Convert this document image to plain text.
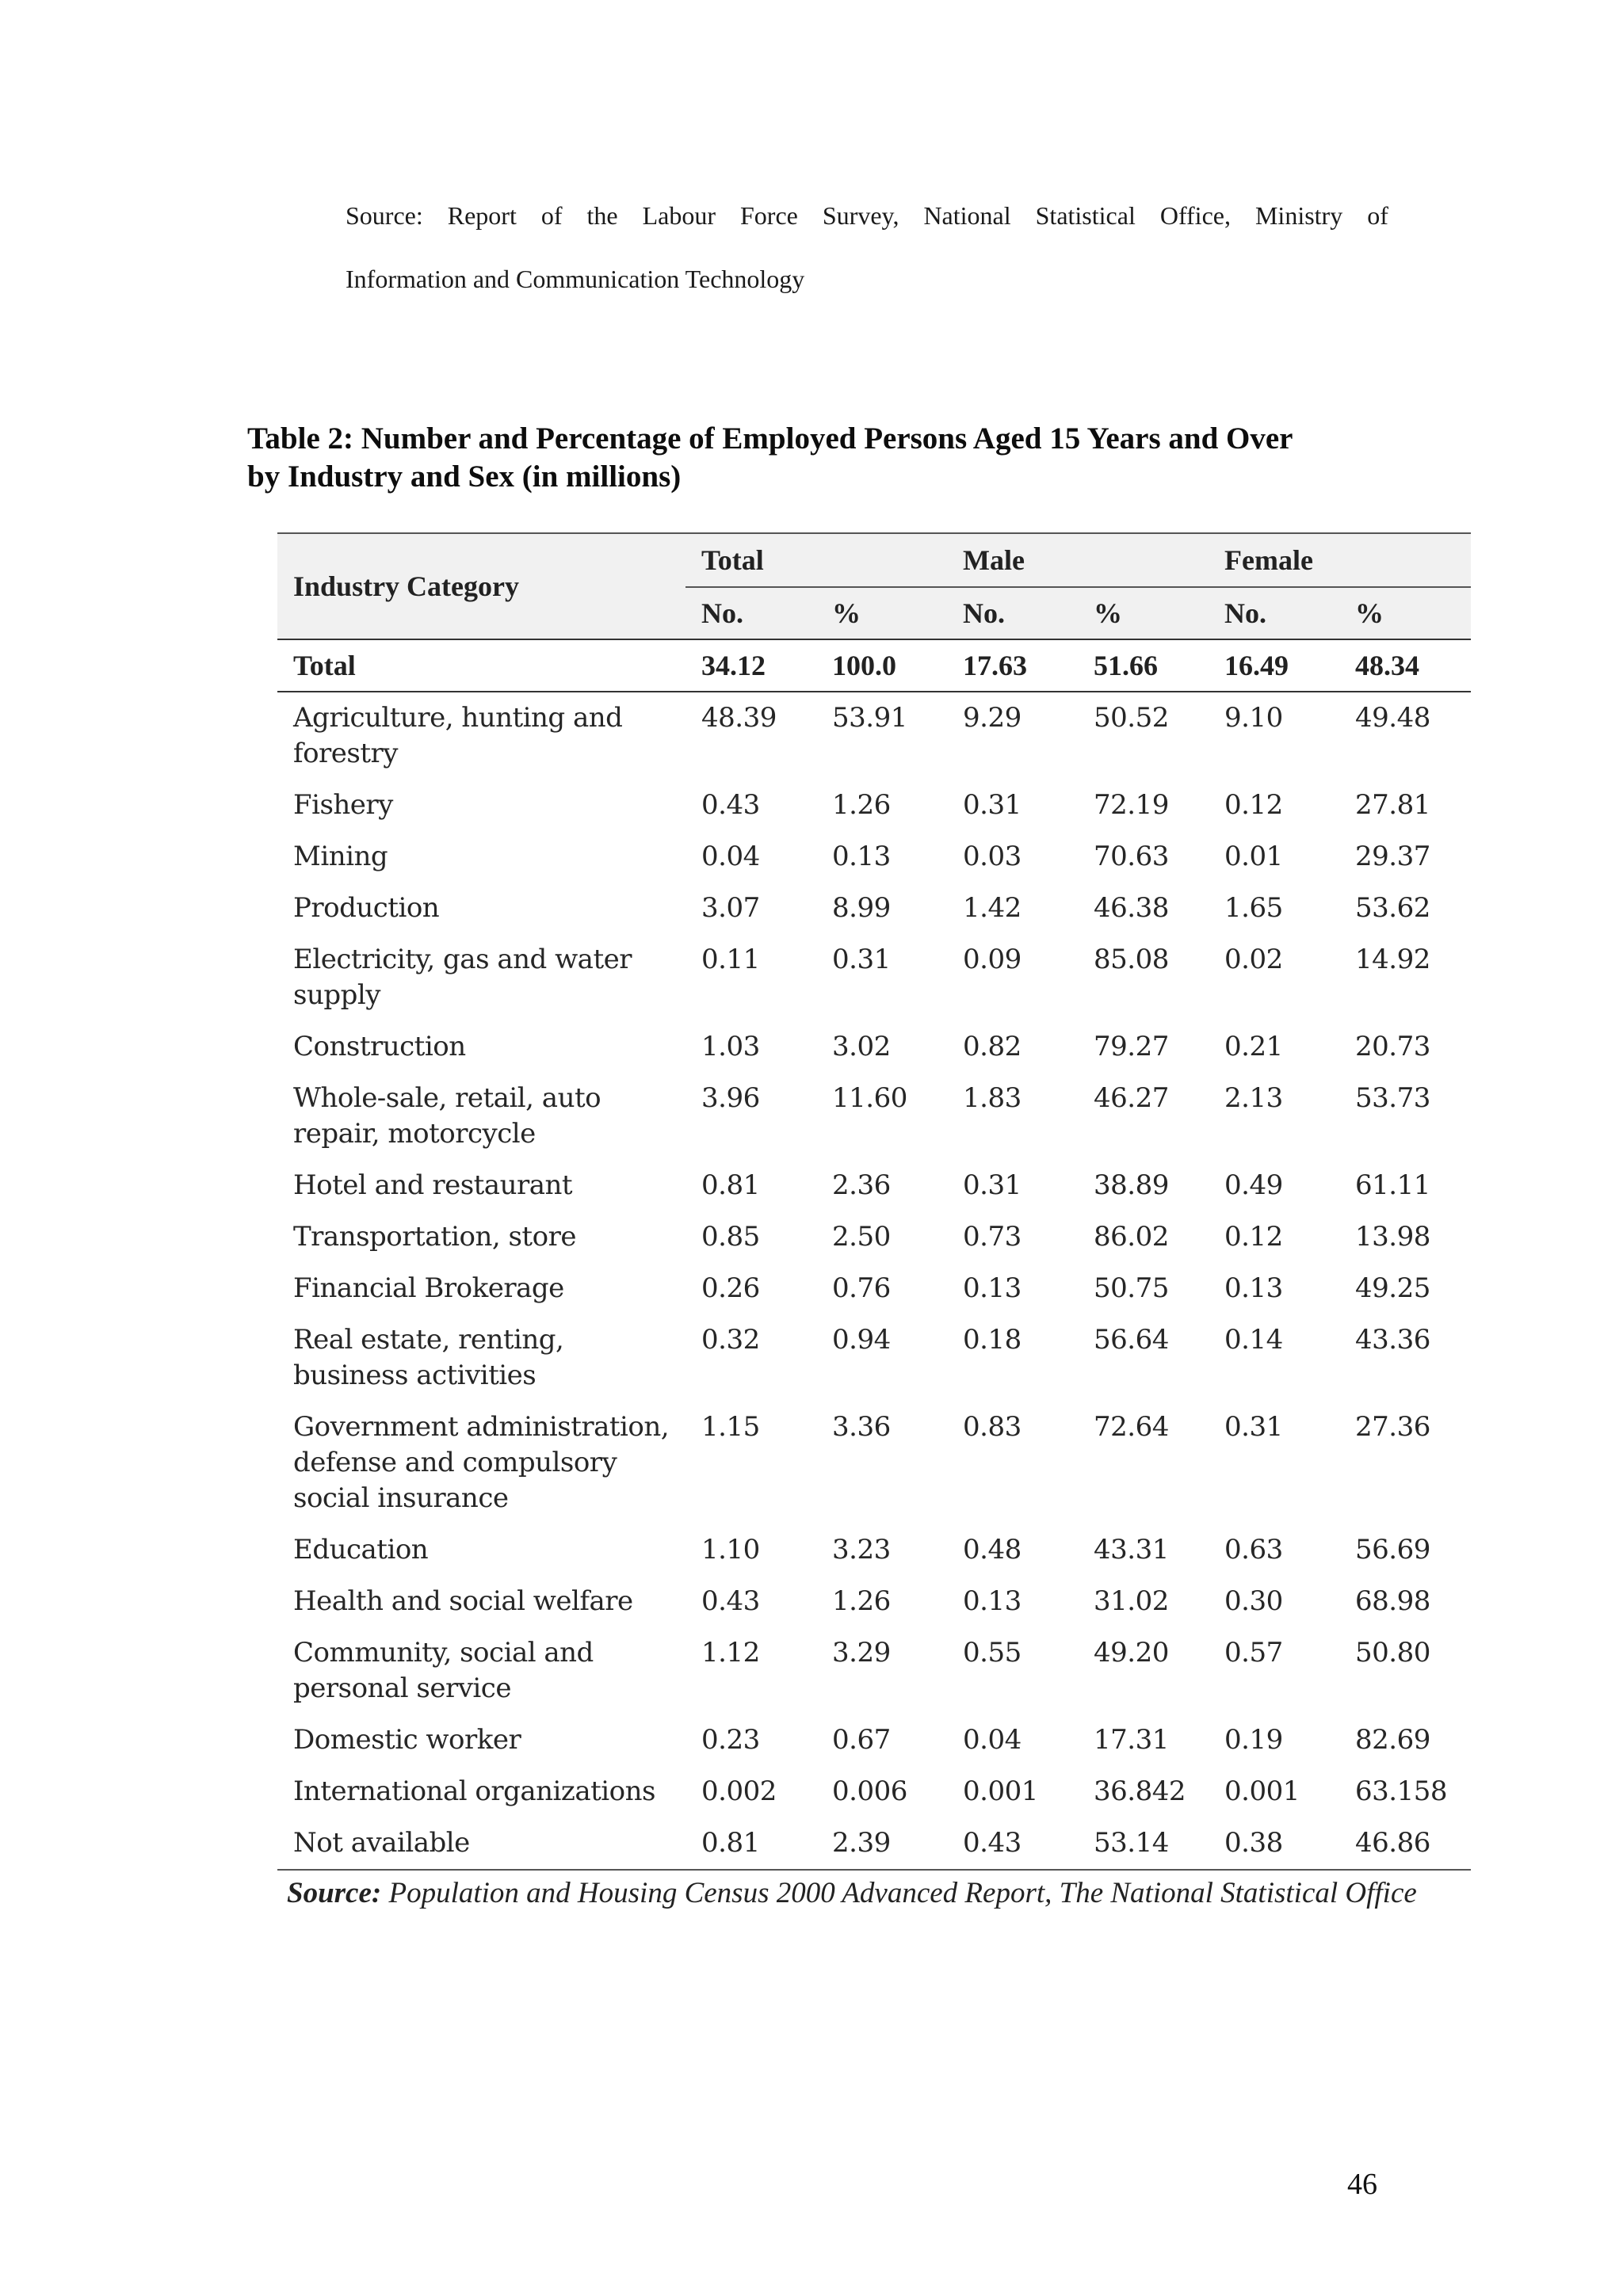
Source: Report of the Labour Force Survey, National Statistical Office, Ministry of
Information and Communication Technology
Table 2: Number and Percentage of Employed Persons Aged 15 Years and Over
by Industry and Sex (in millions)
Industry Category	Total		Male		Female	
	No.	%	No.	%	No.	%
Total	34.12	100.0	17.63	51.66	16.49	48.34
Agriculture, hunting and forestry	48.39	53.91	9.29	50.52	9.10	49.48
Fishery	0.43	1.26	0.31	72.19	0.12	27.81
Mining	0.04	0.13	0.03	70.63	0.01	29.37
Production	3.07	8.99	1.42	46.38	1.65	53.62
Electricity, gas and water supply	0.11	0.31	0.09	85.08	0.02	14.92
Construction	1.03	3.02	0.82	79.27	0.21	20.73
Whole-sale, retail, auto repair, motorcycle	3.96	11.60	1.83	46.27	2.13	53.73
Hotel and restaurant	0.81	2.36	0.31	38.89	0.49	61.11
Transportation, store	0.85	2.50	0.73	86.02	0.12	13.98
Financial Brokerage	0.26	0.76	0.13	50.75	0.13	49.25
Real estate, renting, business activities	0.32	0.94	0.18	56.64	0.14	43.36
Government administration, defense and compulsory social insurance	1.15	3.36	0.83	72.64	0.31	27.36
Education	1.10	3.23	0.48	43.31	0.63	56.69
Health and social welfare	0.43	1.26	0.13	31.02	0.30	68.98
Community, social and personal service	1.12	3.29	0.55	49.20	0.57	50.80
Domestic worker	0.23	0.67	0.04	17.31	0.19	82.69
International organizations	0.002	0.006	0.001	36.842	0.001	63.158
Not available	0.81	2.39	0.43	53.14	0.38	46.86
Source: Population and Housing Census 2000 Advanced Report, The National Statistical Office
46
